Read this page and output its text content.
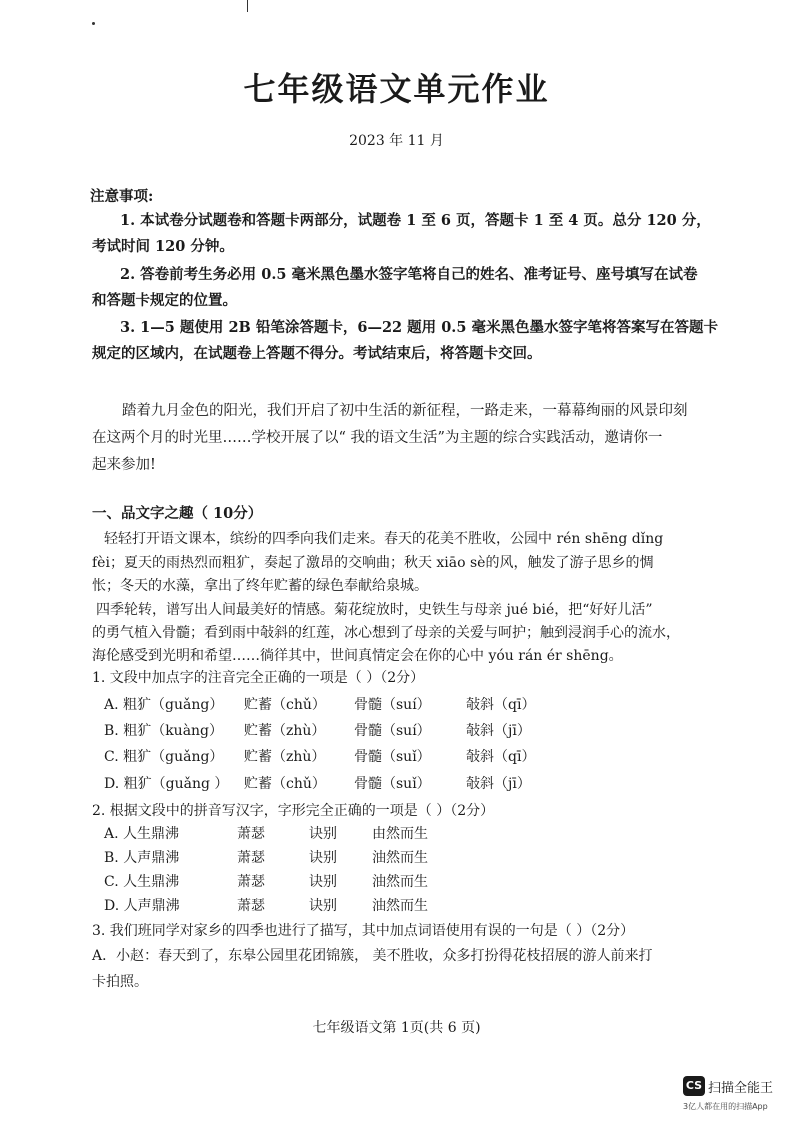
七年级语文单元作业
2023 年 11 月
注意事项:
1. 本试卷分试题卷和答题卡两部分，试题卷 1 至 6 页，答题卡 1 至 4 页。总分 120 分，
考试时间 120 分钟。
2. 答卷前考生务必用 0.5 毫米黑色墨水签字笔将自己的姓名、准考证号、座号填写在试卷
和答题卡规定的位置。
3. 1—5 题使用 2B 铅笔涂答题卡，6—22 题用 0.5 毫米黑色墨水签字笔将答案写在答题卡
规定的区域内，在试题卷上答题不得分。考试结束后，将答题卡交回。
踏着九月金色的阳光，我们开启了初中生活的新征程，一路走来，一幕幕绚丽的风景印刻
在这两个月的时光里……学校开展了以“ 我的语文生活”为主题的综合实践活动，邀请你一
起来参加!
一、品文字之趣（ 10分）
轻轻打开语文课本，缤纷的四季向我们走来。春天的花美不胜收，公园中 rén shēng dǐng
fèi；夏天的雨热烈而粗犷，奏起了激昂的交响曲；秋天 xiāo sè的风，触发了游子思乡的惆
怅；冬天的水藻，拿出了终年贮蓄的绿色奉献给泉城。
四季轮转，谱写出人间最美好的情感。菊花绽放时，史铁生与母亲 jué bié，把“好好儿活”
的勇气植入骨髓；看到雨中敧斜的红莲，冰心想到了母亲的关爱与呵护；触到浸润手心的流水，
海伦感受到光明和希望……徜徉其中，世间真情定会在你的心中 yóu rán ér shēng。
1. 文段中加点字的注音完全正确的一项是（ ）（2分）
A. 粗犷（guǎng） 贮蓄（chǔ） 骨髓（suí）	敧斜（qī）
B. 粗犷（kuàng） 贮蓄（zhù） 骨髓（suí）	敧斜（jī）
C. 粗犷（guǎng） 贮蓄（zhù） 骨髓（suǐ）	敧斜（qī）
D. 粗犷（guǎng ） 贮蓄（chǔ） 骨髓（suǐ）	敧斜（jī）
2. 根据文段中的拼音写汉字，字形完全正确的一项是（ ）（2分）
A. 人生鼎沸	萧瑟	诀别	由然而生
B. 人声鼎沸	萧瑟	诀别	油然而生
C. 人生鼎沸	萧瑟	诀别	油然而生
D. 人声鼎沸	萧瑟	诀别	油然而生
3. 我们班同学对家乡的四季也进行了描写，其中加点词语使用有误的一句是（ ）（2分）
A．小赵：春天到了，东皋公园里花团锦簇， 美不胜收，众多打扮得花枝招展的游人前来打
卡拍照。
七年级语文第 1页(共 6 页)
CS 扫描全能王
3亿人都在用的扫描App
